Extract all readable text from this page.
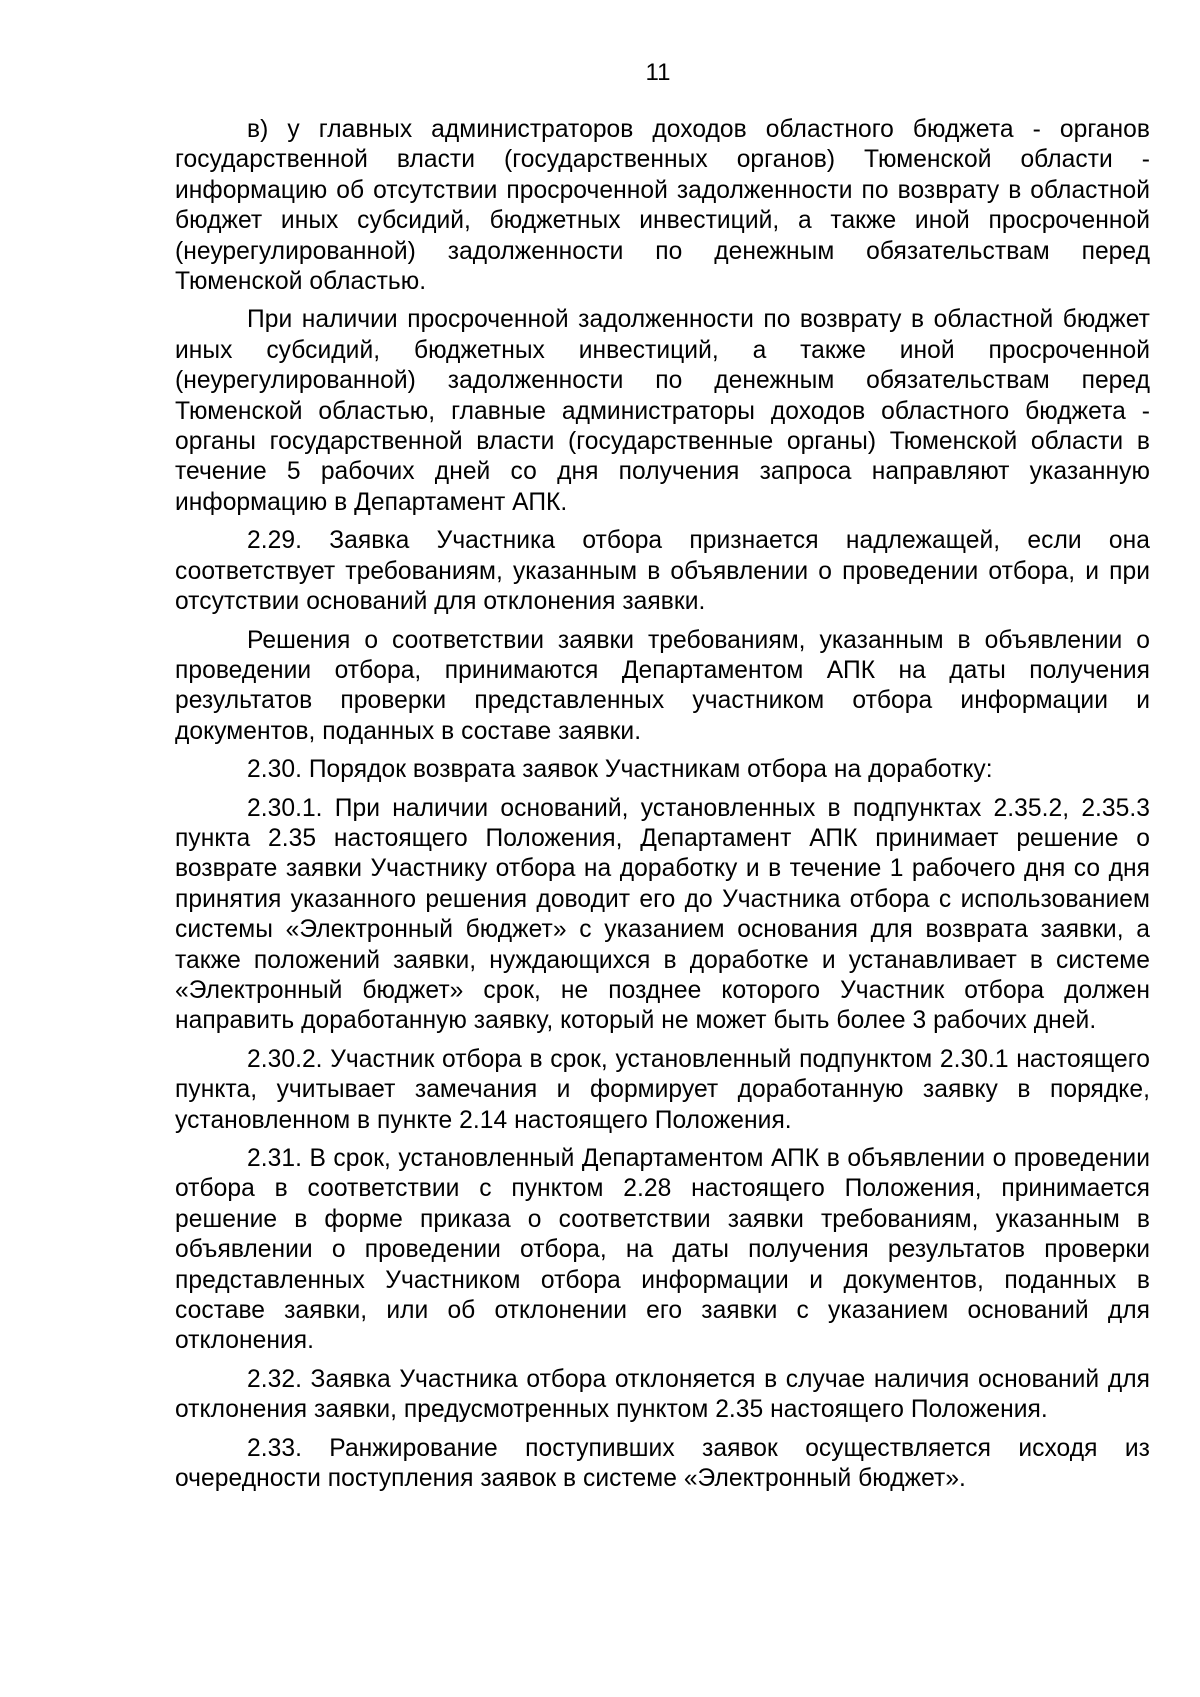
11

в) у главных администраторов доходов областного бюджета - органов государственной власти (государственных органов) Тюменской области - информацию об отсутствии просроченной задолженности по возврату в областной бюджет иных субсидий, бюджетных инвестиций, а также иной просроченной (неурегулированной) задолженности по денежным обязательствам перед Тюменской областью.

При наличии просроченной задолженности по возврату в областной бюджет иных субсидий, бюджетных инвестиций, а также иной просроченной (неурегулированной) задолженности по денежным обязательствам перед Тюменской областью, главные администраторы доходов областного бюджета - органы государственной власти (государственные органы) Тюменской области в течение 5 рабочих дней со дня получения запроса направляют указанную информацию в Департамент АПК.

2.29. Заявка Участника отбора признается надлежащей, если она соответствует требованиям, указанным в объявлении о проведении отбора, и при отсутствии оснований для отклонения заявки.

Решения о соответствии заявки требованиям, указанным в объявлении о проведении отбора, принимаются Департаментом АПК на даты получения результатов проверки представленных участником отбора информации и документов, поданных в составе заявки.

2.30. Порядок возврата заявок Участникам отбора на доработку:

2.30.1. При наличии оснований, установленных в подпунктах 2.35.2, 2.35.3 пункта 2.35 настоящего Положения, Департамент АПК принимает решение о возврате заявки Участнику отбора на доработку и в течение 1 рабочего дня со дня принятия указанного решения доводит его до Участника отбора с использованием системы «Электронный бюджет» с указанием основания для возврата заявки, а также положений заявки, нуждающихся в доработке и устанавливает в системе «Электронный бюджет» срок, не позднее которого Участник отбора должен направить доработанную заявку, который не может быть более 3 рабочих дней.

2.30.2. Участник отбора в срок, установленный подпунктом 2.30.1 настоящего пункта, учитывает замечания и формирует доработанную заявку в порядке, установленном в пункте 2.14 настоящего Положения.

2.31. В срок, установленный Департаментом АПК в объявлении о проведении отбора в соответствии с пунктом 2.28 настоящего Положения, принимается решение в форме приказа о соответствии заявки требованиям, указанным в объявлении о проведении отбора, на даты получения результатов проверки представленных Участником отбора информации и документов, поданных в составе заявки, или об отклонении его заявки с указанием оснований для отклонения.

2.32. Заявка Участника отбора отклоняется в случае наличия оснований для отклонения заявки, предусмотренных пунктом 2.35 настоящего Положения.

2.33. Ранжирование поступивших заявок осуществляется исходя из очередности поступления заявок в системе «Электронный бюджет».
